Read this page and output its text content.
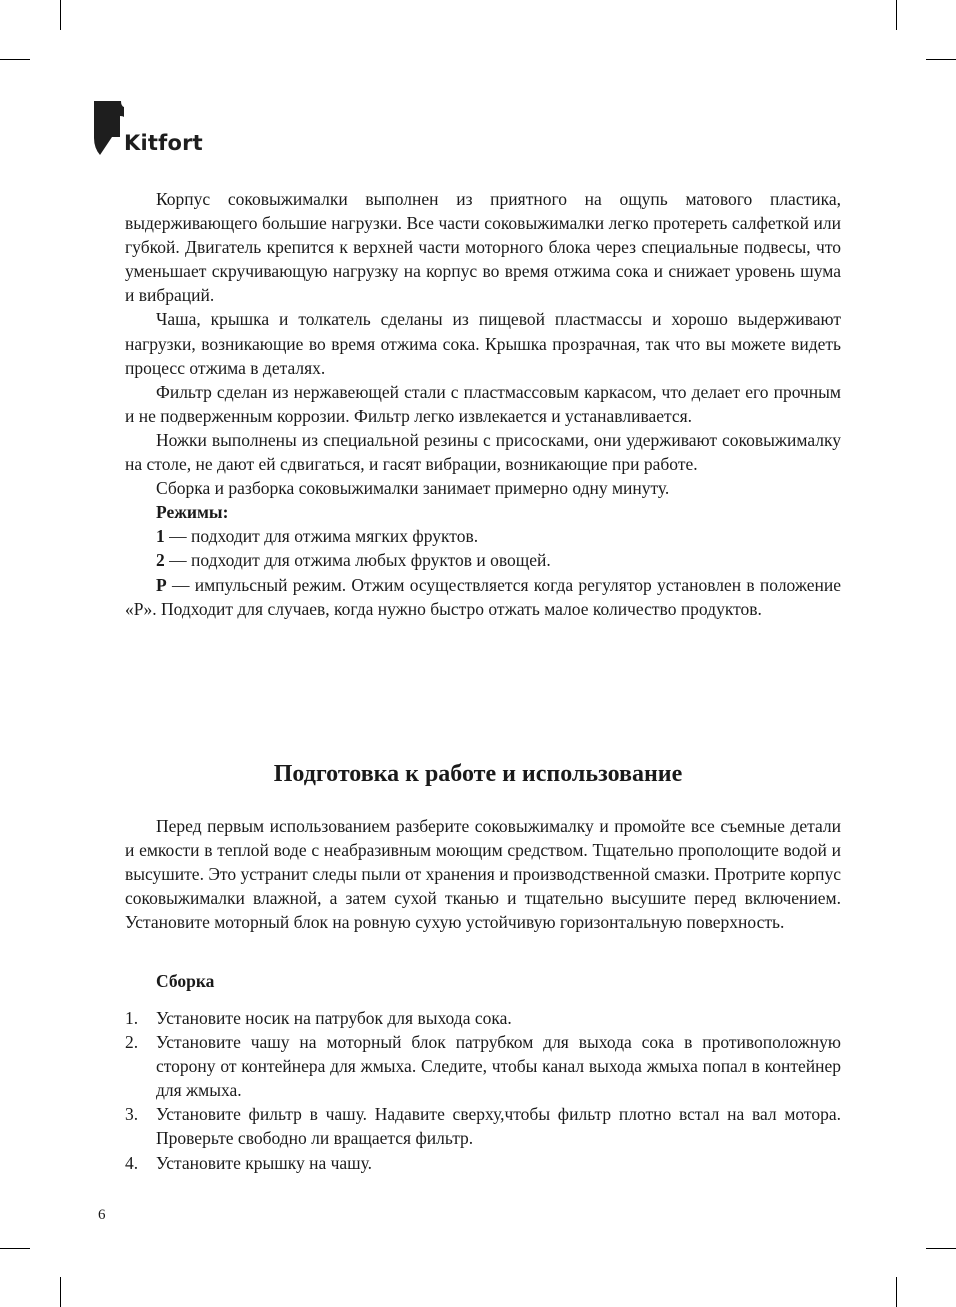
Kitfort

Корпус соковыжималки выполнен из приятного на ощупь матового пластика, выдерживающего большие нагрузки. Все части соковыжималки легко протереть салфеткой или губкой. Двигатель крепится к верхней части моторного блока через специальные подвесы, что уменьшает скручивающую нагрузку на корпус во время отжима сока и снижает уровень шума и вибраций.

Чаша, крышка и толкатель сделаны из пищевой пластмассы и хорошо выдерживают нагрузки, возникающие во время отжима сока. Крышка прозрачная, так что вы можете видеть процесс отжима в деталях.

Фильтр сделан из нержавеющей стали с пластмассовым каркасом, что делает его прочным и не подверженным коррозии. Фильтр легко извлекается и устанавливается.

Ножки выполнены из специальной резины с присосками, они удерживают соковыжималку на столе, не дают ей сдвигаться, и гасят вибрации, возникающие при работе.

Сборка и разборка соковыжималки занимает примерно одну минуту.

Режимы:

1 — подходит для отжима мягких фруктов.

2 — подходит для отжима любых фруктов и овощей.

P — импульсный режим. Отжим осуществляется когда регулятор установлен в положение «P». Подходит для случаев, когда нужно быстро отжать малое количество продуктов.

Подготовка к работе и использование

Перед первым использованием разберите соковыжималку и промойте все съемные детали и емкости в теплой воде с неабразивным моющим средством. Тщательно прополощите водой и высушите. Это устранит следы пыли от хранения и производственной смазки. Протрите корпус соковыжималки влажной, а затем сухой тканью и тщательно высушите перед включением. Установите моторный блок на ровную сухую устойчивую горизонтальную поверхность.

Сборка

1. Установите носик на патрубок для выхода сока.
2. Установите чашу на моторный блок патрубком для выхода сока в противоположную сторону от контейнера для жмыха. Следите, чтобы канал выхода жмыха попал в контейнер для жмыха.
3. Установите фильтр в чашу. Надавите сверху,чтобы фильтр плотно встал на вал мотора. Проверьте свободно ли вращается фильтр.
4. Установите крышку на чашу.
6
